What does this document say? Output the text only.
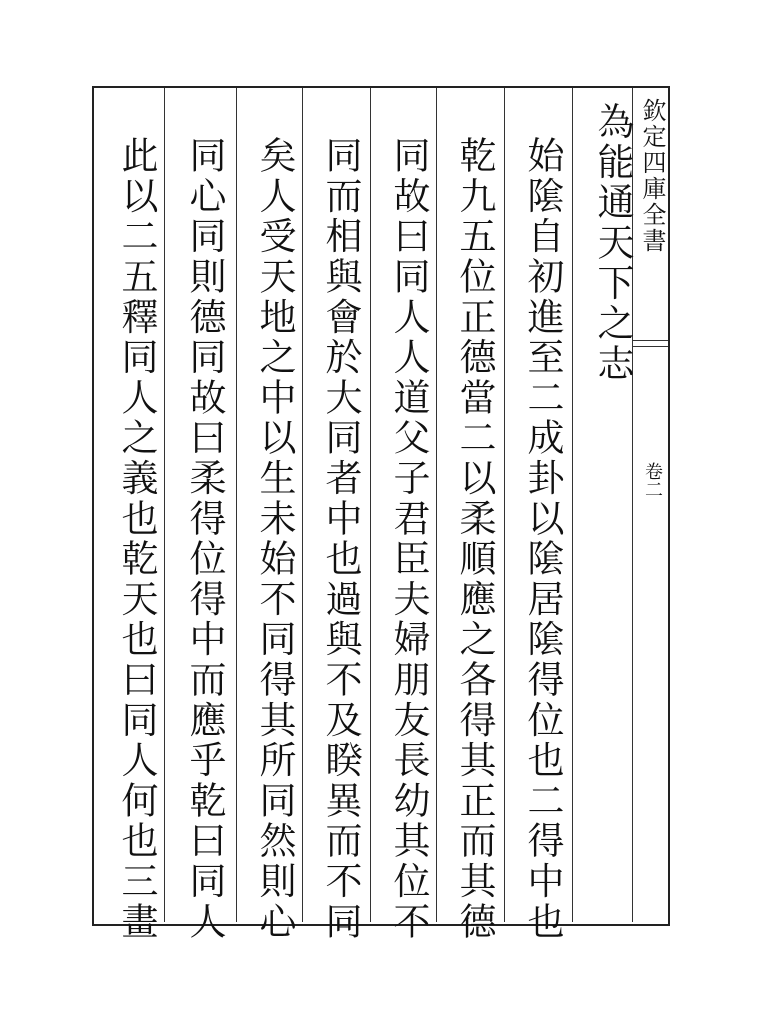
欽定四庫全書
卷二
為能通天下之志
始隂自初進至二成卦以隂居隂得位也二得中也
乾九五位正德當二以柔順應之各得其正而其德
同故曰同人人道父子君臣夫婦朋友長幼其位不
同而相與會於大同者中也過與不及睽異而不同
矣人受天地之中以生未始不同得其所同然則心
同心同則德同故曰柔得位得中而應乎乾曰同人
此以二五釋同人之義也乾天也曰同人何也三畫
